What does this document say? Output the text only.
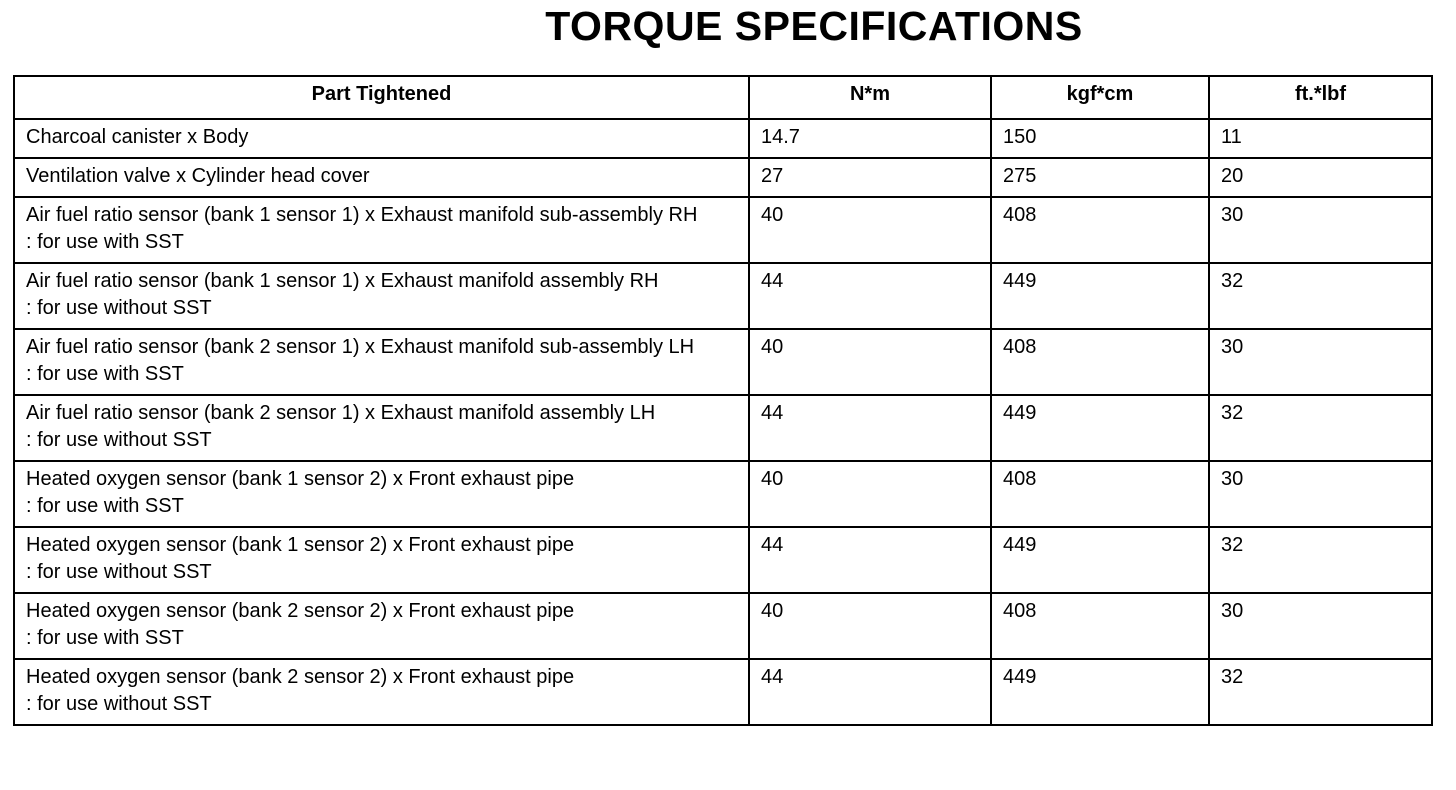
TORQUE SPECIFICATIONS
Part Tightened	N*m	kgf*cm	ft.*lbf

Charcoal canister x Body	14.7	150	11

Ventilation valve x Cylinder head cover	27	275	20

Air fuel ratio sensor (bank 1 sensor 1) x Exhaust manifold sub-assembly RH
: for use with SST	40	408	30

Air fuel ratio sensor (bank 1 sensor 1) x Exhaust manifold assembly RH
: for use without SST	44	449	32

Air fuel ratio sensor (bank 2 sensor 1) x Exhaust manifold sub-assembly LH
: for use with SST	40	408	30

Air fuel ratio sensor (bank 2 sensor 1) x Exhaust manifold assembly LH
: for use without SST	44	449	32

Heated oxygen sensor (bank 1 sensor 2) x Front exhaust pipe
: for use with SST	40	408	30

Heated oxygen sensor (bank 1 sensor 2) x Front exhaust pipe
: for use without SST	44	449	32

Heated oxygen sensor (bank 2 sensor 2) x Front exhaust pipe
: for use with SST	40	408	30

Heated oxygen sensor (bank 2 sensor 2) x Front exhaust pipe
: for use without SST	44	449	32
